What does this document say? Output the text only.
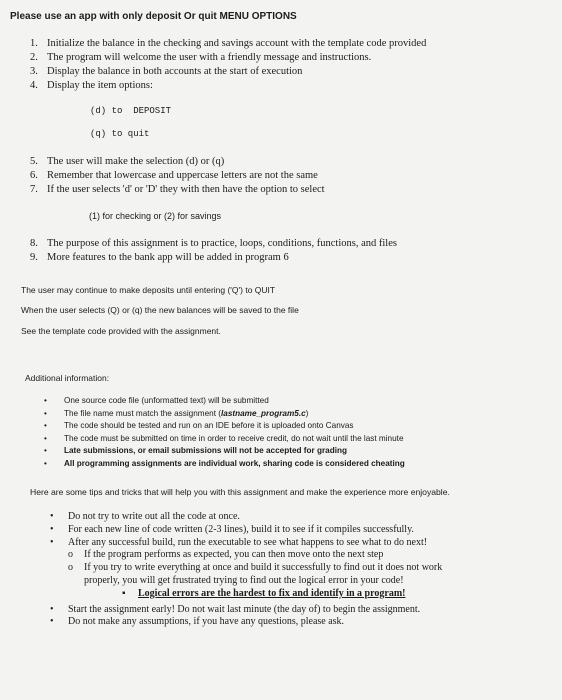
Please use an app with only deposit Or quit MENU OPTIONS
1. Initialize the balance in the checking and savings account with the template code provided
2. The program will welcome the user with a friendly message and instructions.
3. Display the balance in both accounts at the start of execution
4. Display the item options:
(d) to  DEPOSIT
(q) to quit
5. The user will make the selection (d) or (q)
6. Remember that lowercase and uppercase letters are not the same
7. If the user selects 'd' or 'D' they with then have the option to select
(1) for checking or (2) for savings
8. The purpose of this assignment is to practice, loops, conditions, functions, and files
9. More features to the bank app will be added in program 6
The user may continue to make deposits until entering ('Q') to QUIT
When the user selects (Q) or (q) the new balances will be saved to the file
See the template code provided with the assignment.
Additional information:
•	One source code file (unformatted text) will be submitted
•	The file name must match the assignment (lastname_program5.c)
•	The code should be tested and run on an IDE before it is uploaded onto Canvas
•	The code must be submitted on time in order to receive credit, do not wait until the last minute
•	Late submissions, or email submissions will not be accepted for grading
•	All programming assignments are individual work, sharing code is considered cheating
Here are some tips and tricks that will help you with this assignment and make the experience more enjoyable.
•	Do not try to write out all the code at once.
•	For each new line of code written (2-3 lines), build it to see if it compiles successfully.
•	After any successful build, run the executable to see what happens to see what to do next!
o	If the program performs as expected, you can then move onto the next step
o	If you try to write everything at once and build it successfully to find out it does not work
properly, you will get frustrated trying to find out the logical error in your code!
▪	Logical errors are the hardest to fix and identify in a program!
•	Start the assignment early! Do not wait last minute (the day of) to begin the assignment.
•	Do not make any assumptions, if you have any questions, please ask.
